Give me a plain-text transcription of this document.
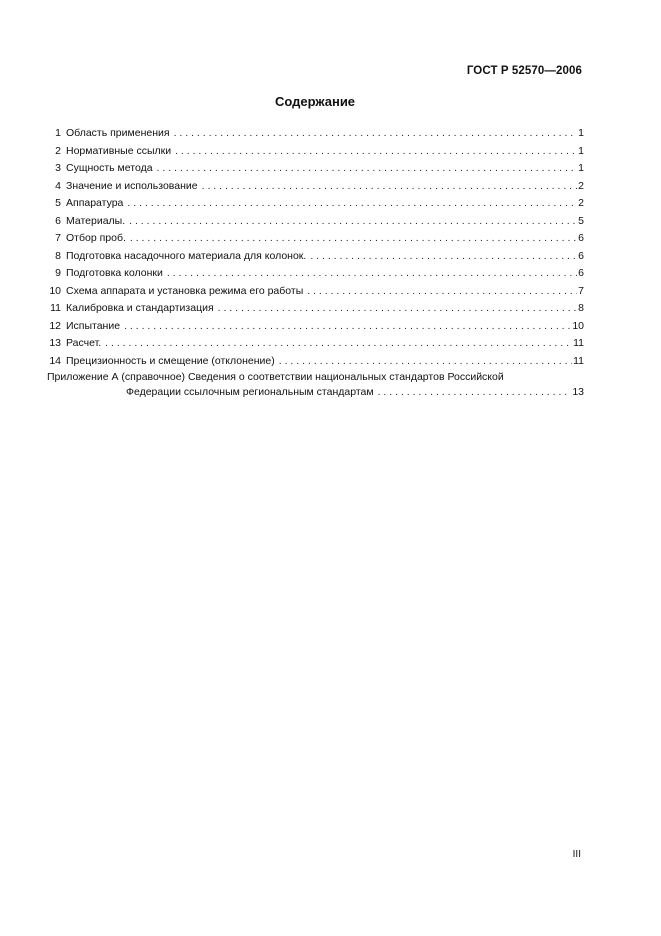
ГОСТ Р 52570—2006
Содержание
1 Область применения . . .	1
2 Нормативные ссылки . . .	1
3 Сущность метода . . .	1
4 Значение и использование . . .	2
5 Аппаратура . . .	2
6 Материалы. . . .	5
7 Отбор проб. . . .	6
8 Подготовка насадочного материала для колонок. . . .	6
9 Подготовка колонки . . .	6
10 Схема аппарата и установка режима его работы . . .	7
11 Калибровка и стандартизация . . .	8
12 Испытание . . .	10
13 Расчет. . . .	11
14 Прецизионность и смещение (отклонение) . . .	11
Приложение А (справочное) Сведения о соответствии национальных стандартов Российской
Федерации ссылочным региональным стандартам . . .	13
III
